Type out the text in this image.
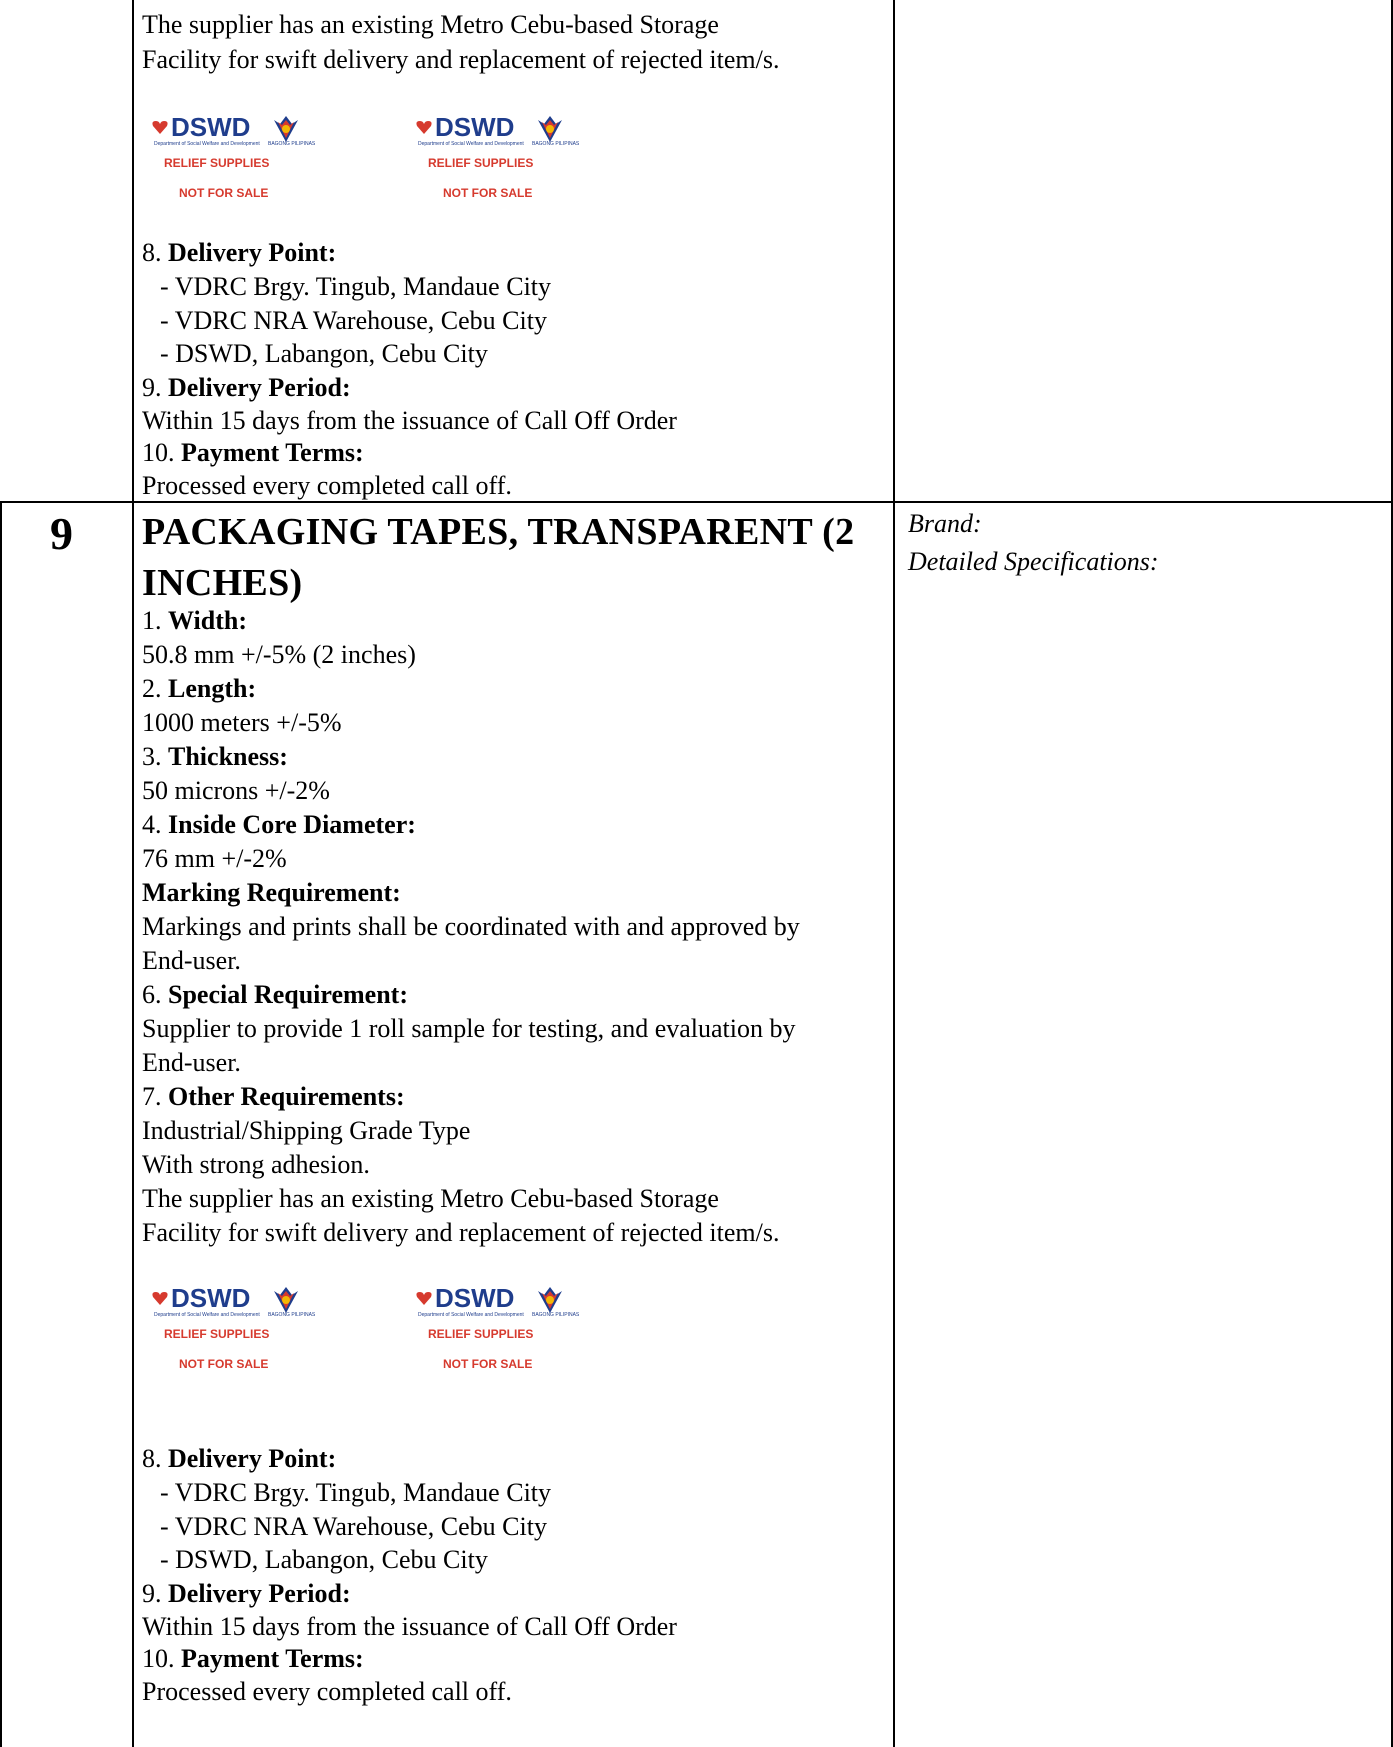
The supplier has an existing Metro Cebu-based Storage
Facility for swift delivery and replacement of rejected item/s.
DSWD
Department of Social Welfare and Development BAGONG PILIPINAS
RELIEF SUPPLIES
NOT FOR SALE
DSWD
Department of Social Welfare and Development BAGONG PILIPINAS
RELIEF SUPPLIES
NOT FOR SALE
8. Delivery Point:
- VDRC Brgy. Tingub, Mandaue City
- VDRC NRA Warehouse, Cebu City
- DSWD, Labangon, Cebu City
9. Delivery Period:
Within 15 days from the issuance of Call Off Order
10. Payment Terms:
Processed every completed call off.
9 PACKAGING TAPES, TRANSPARENT (2
INCHES)
Brand:
Detailed Specifications:
1. Width:
50.8 mm +/-5% (2 inches)
2. Length:
1000 meters +/-5%
3. Thickness:
50 microns +/-2%
4. Inside Core Diameter:
76 mm +/-2%
Marking Requirement:
Markings and prints shall be coordinated with and approved by
End-user.
6. Special Requirement:
Supplier to provide 1 roll sample for testing, and evaluation by
End-user.
7. Other Requirements:
Industrial/Shipping Grade Type
With strong adhesion.
The supplier has an existing Metro Cebu-based Storage
Facility for swift delivery and replacement of rejected item/s.
DSWD
Department of Social Welfare and Development BAGONG PILIPINAS
RELIEF SUPPLIES
NOT FOR SALE
DSWD
Department of Social Welfare and Development BAGONG PILIPINAS
RELIEF SUPPLIES
NOT FOR SALE
8. Delivery Point:
- VDRC Brgy. Tingub, Mandaue City
- VDRC NRA Warehouse, Cebu City
- DSWD, Labangon, Cebu City
9. Delivery Period:
Within 15 days from the issuance of Call Off Order
10. Payment Terms:
Processed every completed call off.
